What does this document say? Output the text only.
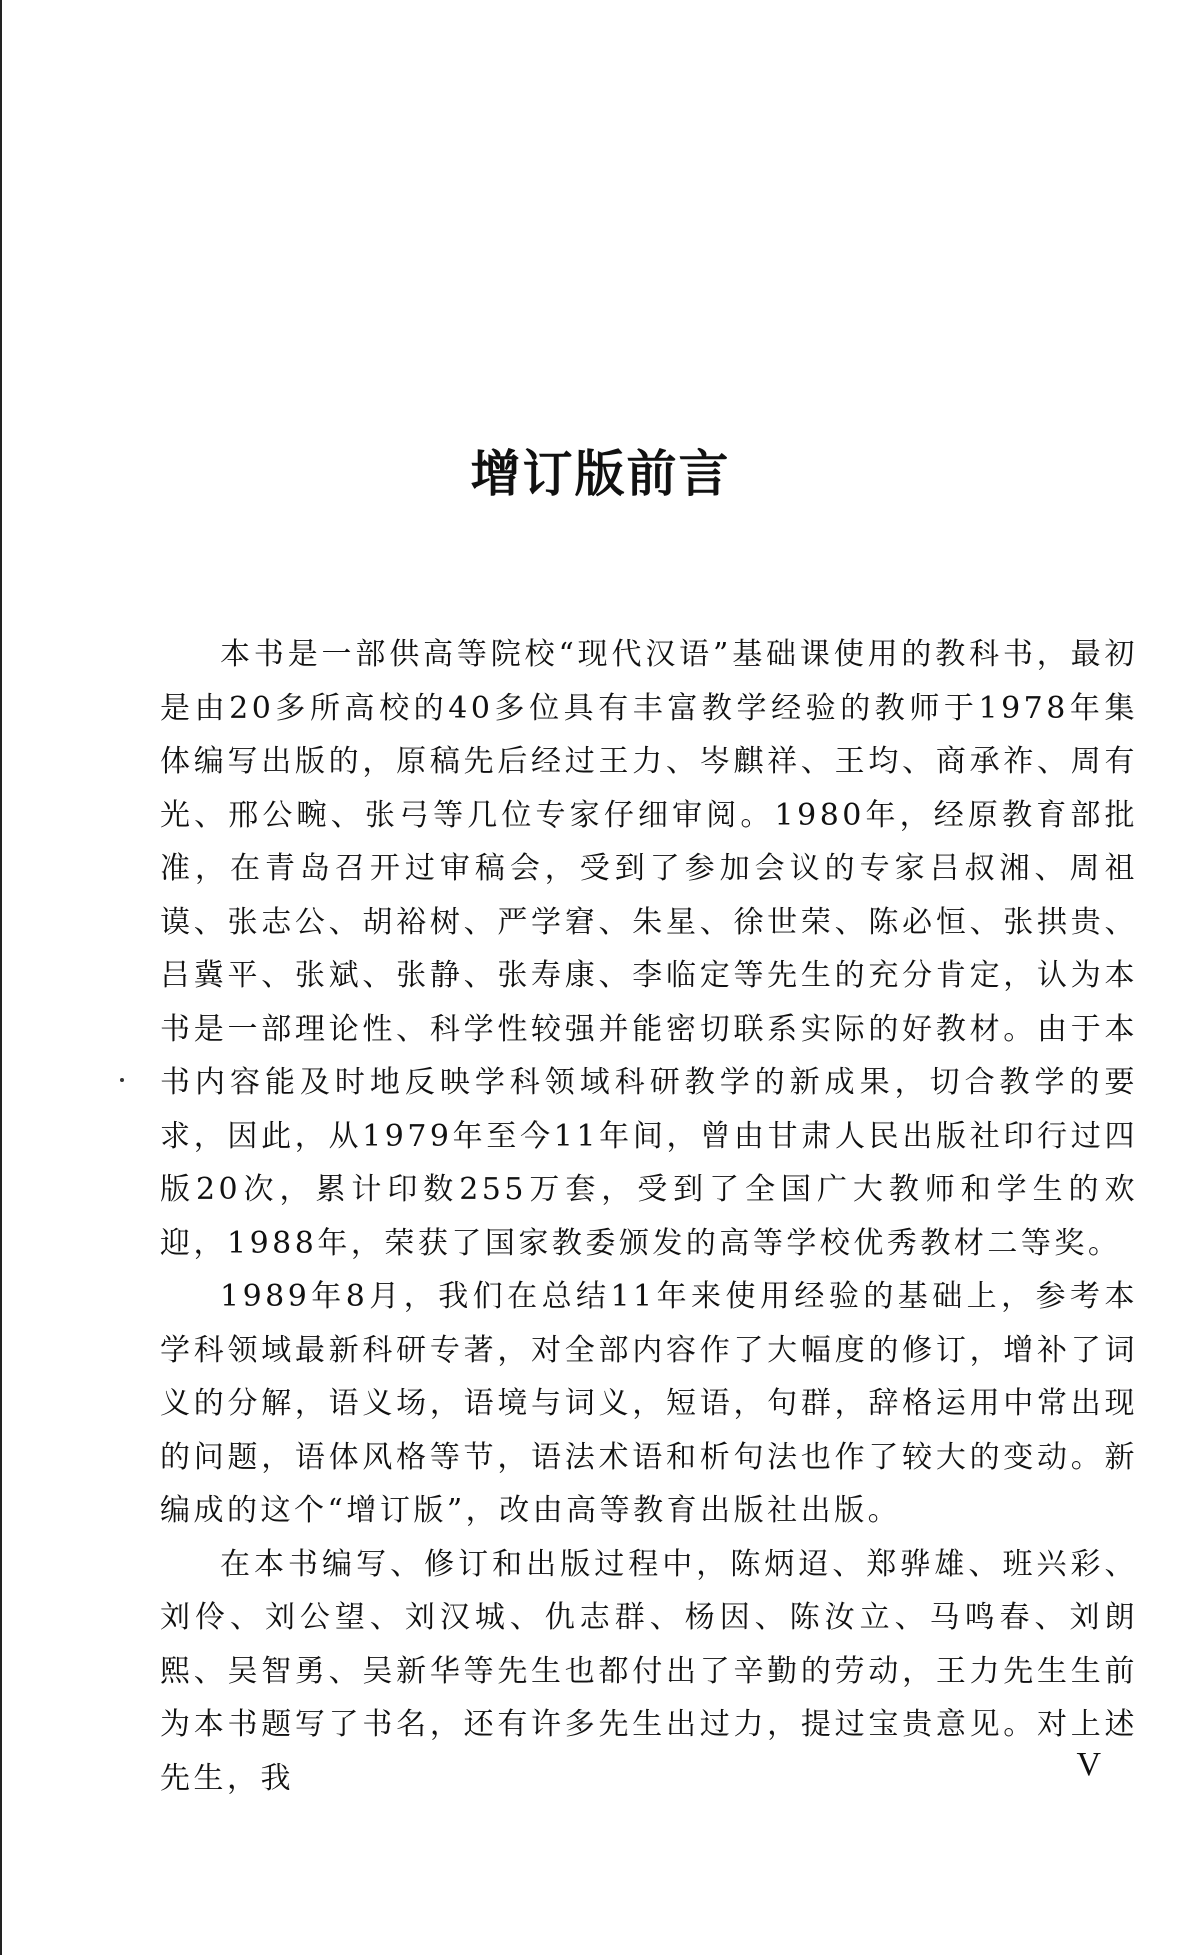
增订版前言

本书是一部供高等院校“现代汉语”基础课使用的教科书，最初是由20多所高校的40多位具有丰富教学经验的教师于1978年集体编写出版的，原稿先后经过王力、岑麒祥、王均、商承祚、周有光、邢公畹、张弓等几位专家仔细审阅。1980年，经原教育部批准，在青岛召开过审稿会，受到了参加会议的专家吕叔湘、周祖谟、张志公、胡裕树、严学窘、朱星、徐世荣、陈必恒、张拱贵、吕冀平、张斌、张静、张寿康、李临定等先生的充分肯定，认为本书是一部理论性、科学性较强并能密切联系实际的好教材。由于本书内容能及时地反映学科领域科研教学的新成果，切合教学的要求，因此，从1979年至今11年间，曾由甘肃人民出版社印行过四版20次，累计印数255万套，受到了全国广大教师和学生的欢迎，1988年，荣获了国家教委颁发的高等学校优秀教材二等奖。

1989年8月，我们在总结11年来使用经验的基础上，参考本学科领域最新科研专著，对全部内容作了大幅度的修订，增补了词义的分解，语义场，语境与词义，短语，句群，辞格运用中常出现的问题，语体风格等节，语法术语和析句法也作了较大的变动。新编成的这个“增订版”，改由高等教育出版社出版。

在本书编写、修订和出版过程中，陈炳迢、郑骅雄、班兴彩、刘伶、刘公望、刘汉城、仇志群、杨因、陈汝立、马鸣春、刘朗熙、吴智勇、吴新华等先生也都付出了辛勤的劳动，王力先生生前为本书题写了书名，还有许多先生出过力，提过宝贵意见。对上述先生，我	V
